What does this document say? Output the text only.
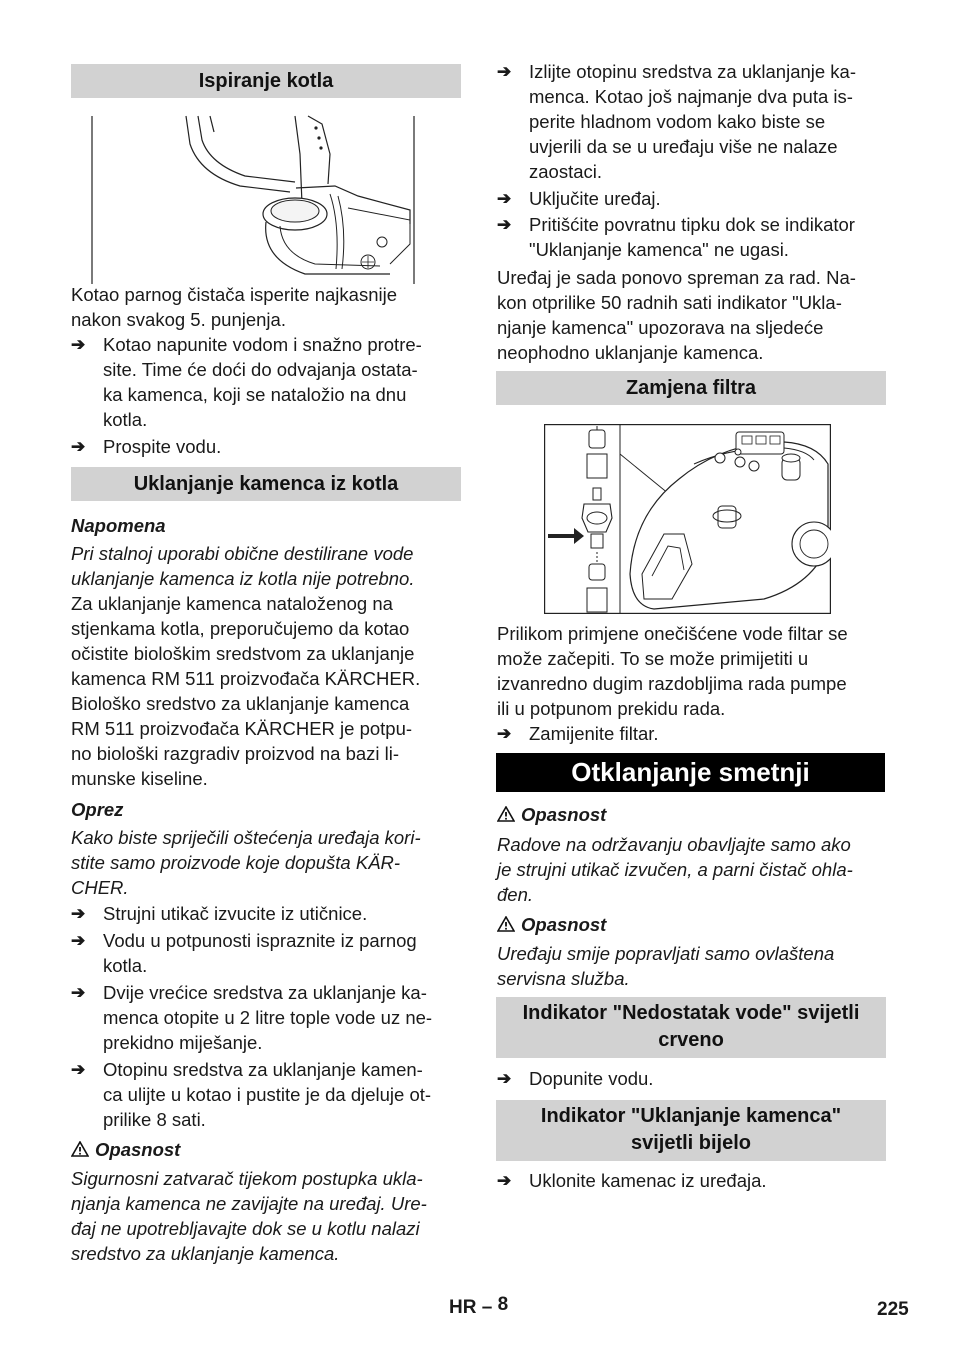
Ispiranje kotla
Kotao parnog čistača isperite najkasnije
nakon svakog 5. punjenja.
➔ Kotao napunite vodom i snažno protre-
site. Time će doći do odvajanja ostata-
ka kamenca, koji se nataložio na dnu
kotla.
➔ Prospite vodu.
Uklanjanje kamenca iz kotla
Napomena
Pri stalnoj uporabi obične destilirane vode
uklanjanje kamenca iz kotla nije potrebno.
Za uklanjanje kamenca nataloženog na
stjenkama kotla, preporučujemo da kotao
očistite biološkim sredstvom za uklanjanje
kamenca RM 511 proizvođača KÄRCHER.
Biološko sredstvo za uklanjanje kamenca
RM 511 proizvođača KÄRCHER je potpu-
no biološki razgradiv proizvod na bazi li-
munske kiseline.
Oprez
Kako biste spriječili oštećenja uređaja kori-
stite samo proizvode koje dopušta KÄR-
CHER.
➔ Strujni utikač izvucite iz utičnice.
➔ Vodu u potpunosti ispraznite iz parnog
kotla.
➔ Dvije vrećice sredstva za uklanjanje ka-
menca otopite u 2 litre tople vode uz ne-
prekidno miješanje.
➔ Otopinu sredstva za uklanjanje kamen-
ca ulijte u kotao i pustite je da djeluje ot-
prilike 8 sati.
Opasnost
Sigurnosni zatvarač tijekom postupka ukla-
njanja kamenca ne zavijajte na uređaj. Ure-
đaj ne upotrebljavajte dok se u kotlu nalazi
sredstvo za uklanjanje kamenca.
➔ Izlijte otopinu sredstva za uklanjanje ka-
menca. Kotao još najmanje dva puta is-
perite hladnom vodom kako biste se
uvjerili da se u uređaju više ne nalaze
zaostaci.
➔ Uključite uređaj.
➔ Pritišćite povratnu tipku dok se indikator
"Uklanjanje kamenca" ne ugasi.
Uređaj je sada ponovo spreman za rad. Na-
kon otprilike 50 radnih sati indikator "Ukla-
njanje kamenca" upozorava na sljedeće
neophodno uklanjanje kamenca.
Zamjena filtra
Prilikom primjene onečišćene vode filtar se
može začepiti. To se može primijetiti u
izvanredno dugim razdobljima rada pumpe
ili u potpunom prekidu rada.
➔ Zamijenite filtar.
Otklanjanje smetnji
Opasnost
Radove na održavanju obavljajte samo ako
je strujni utikač izvučen, a parni čistač ohla-
đen.
Opasnost
Uređaju smije popravljati samo ovlaštena
servisna služba.
Indikator "Nedostatak vode" svijetli
crveno
➔ Dopunite vodu.
Indikator "Uklanjanje kamenca"
svijetli bijelo
➔ Uklonite kamenac iz uređaja.
HR – 8	225
